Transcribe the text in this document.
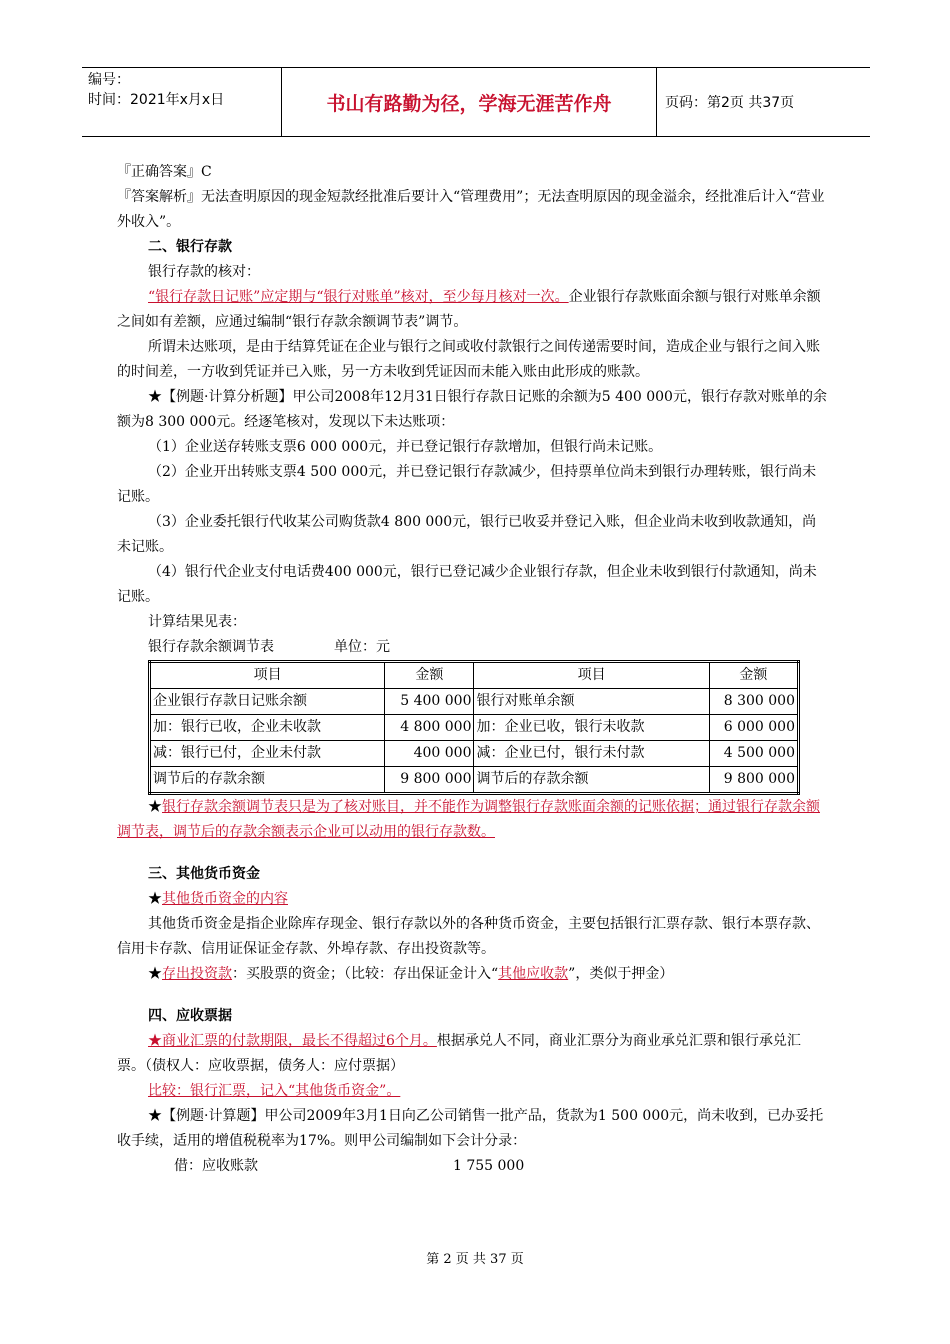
编号：
时间：2021年x月x日	书山有路勤为径，学海无涯苦作舟	页码：第2页 共37页

『正确答案』C

『答案解析』无法查明原因的现金短款经批准后要计入“管理费用”；无法查明原因的现金溢余，经批准后计入“营业外收入”。

二、银行存款

银行存款的核对：

“银行存款日记账”应定期与“银行对账单”核对，至少每月核对一次。企业银行存款账面余额与银行对账单余额之间如有差额，应通过编制“银行存款余额调节表”调节。

所谓未达账项，是由于结算凭证在企业与银行之间或收付款银行之间传递需要时间，造成企业与银行之间入账的时间差，一方收到凭证并已入账，另一方未收到凭证因而未能入账由此形成的账款。

★【例题·计算分析题】甲公司2008年12月31日银行存款日记账的余额为5 400 000元，银行存款对账单的余额为8 300 000元。经逐笔核对，发现以下未达账项：

（1）企业送存转账支票6 000 000元，并已登记银行存款增加，但银行尚未记账。

（2）企业开出转账支票4 500 000元，并已登记银行存款减少，但持票单位尚未到银行办理转账，银行尚未记账。

（3）企业委托银行代收某公司购货款4 800 000元，银行已收妥并登记入账，但企业尚未收到收款通知，尚未记账。

（4）银行代企业支付电话费400 000元，银行已登记减少企业银行存款，但企业未收到银行付款通知，尚未记账。

计算结果见表：

银行存款余额调节表	单位：元

项目	金额	项目	金额
企业银行存款日记账余额	5 400 000	银行对账单余额	8 300 000
加：银行已收，企业未收款	4 800 000	加：企业已收，银行未收款	6 000 000
减：银行已付，企业未付款	400 000	减：企业已付，银行未付款	4 500 000
调节后的存款余额	9 800 000	调节后的存款余额	9 800 000

★银行存款余额调节表只是为了核对账目，并不能作为调整银行存款账面余额的记账依据；通过银行存款余额调节表，调节后的存款余额表示企业可以动用的银行存款数。

三、其他货币资金

★其他货币资金的内容

其他货币资金是指企业除库存现金、银行存款以外的各种货币资金，主要包括银行汇票存款、银行本票存款、信用卡存款、信用证保证金存款、外埠存款、存出投资款等。

★存出投资款：买股票的资金；（比较：存出保证金计入“其他应收款”，类似于押金）

四、应收票据

★商业汇票的付款期限，最长不得超过6个月。根据承兑人不同，商业汇票分为商业承兑汇票和银行承兑汇票。（债权人：应收票据，债务人：应付票据）

比较：银行汇票，记入“其他货币资金”。

★【例题·计算题】甲公司2009年3月1日向乙公司销售一批产品，货款为1 500 000元，尚未收到，已办妥托收手续，适用的增值税税率为17%。则甲公司编制如下会计分录：

借：应收账款	1 755 000

第 2 页 共 37 页
